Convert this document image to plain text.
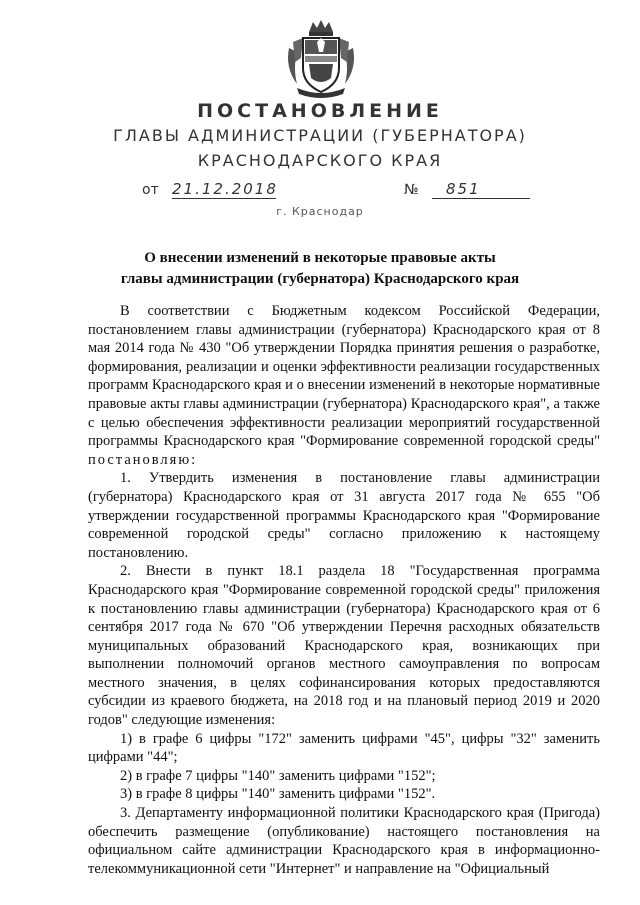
ПОСТАНОВЛЕНИЕ
ГЛАВЫ АДМИНИСТРАЦИИ (ГУБЕРНАТОРА)
КРАСНОДАРСКОГО КРАЯ
от 21.12.2018	№	851
г. Краснодар
О внесении изменений в некоторые правовые акты
главы администрации (губернатора) Краснодарского края

В соответствии с Бюджетным кодексом Российской Федерации, постановлением главы администрации (губернатора) Краснодарского края от 8 мая 2014 года № 430 "Об утверждении Порядка принятия решения о разработке, формирования, реализации и оценки эффективности реализации государственных программ Краснодарского края и о внесении изменений в некоторые нормативные правовые акты главы администрации (губернатора) Краснодарского края", а также с целью обеспечения эффективности реализации мероприятий государственной программы Краснодарского края "Формирование современной городской среды" постановляю:

1. Утвердить изменения в постановление главы администрации (губернатора) Краснодарского края от 31 августа 2017 года № 655 "Об утверждении государственной программы Краснодарского края "Формирование современной городской среды" согласно приложению к настоящему постановлению.

2. Внести в пункт 18.1 раздела 18 "Государственная программа Краснодарского края "Формирование современной городской среды" приложения к постановлению главы администрации (губернатора) Краснодарского края от 6 сентября 2017 года № 670 "Об утверждении Перечня расходных обязательств муниципальных образований Краснодарского края, возникающих при выполнении полномочий органов местного самоуправления по вопросам местного значения, в целях софинансирования которых предоставляются субсидии из краевого бюджета, на 2018 год и на плановый период 2019 и 2020 годов" следующие изменения:

1) в графе 6 цифры "172" заменить цифрами "45", цифры "32" заменить цифрами "44";

2) в графе 7 цифры "140" заменить цифрами "152";

3) в графе 8 цифры "140" заменить цифрами "152".

3. Департаменту информационной политики Краснодарского края (Пригода) обеспечить размещение (опубликование) настоящего постановления на официальном сайте администрации Краснодарского края в информационно-телекоммуникационной сети "Интернет" и направление на "Официальный
